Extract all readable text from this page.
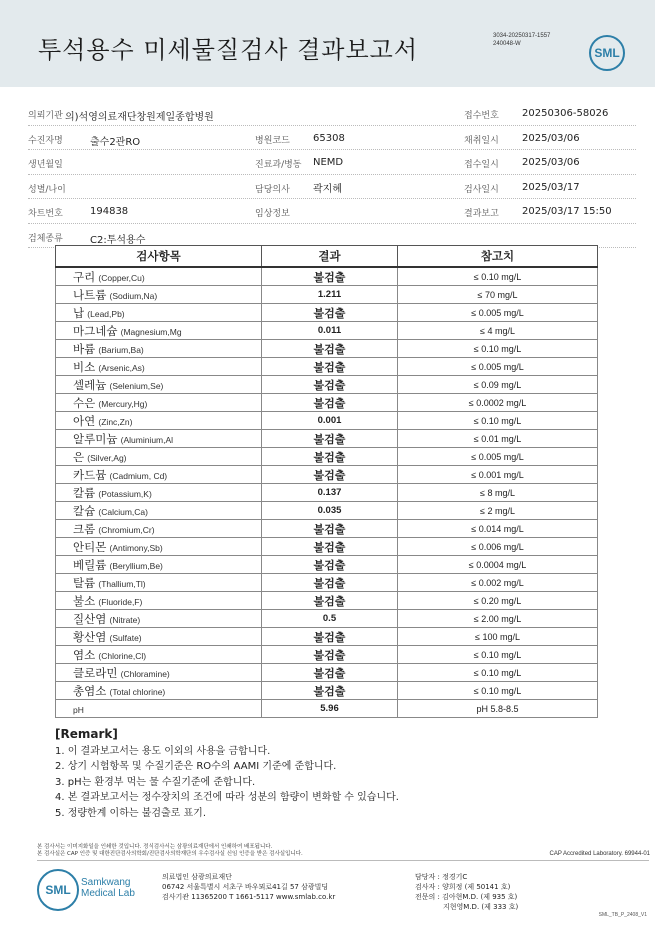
투석용수 미세물질검사 결과보고서	3034-20250317-1557
240048-W
SML
의뢰기관 의)석영의료재단창원제일종합병원	접수번호 20250306-58026
수진자명	출수2관RO	병원코드 65308	채취일시 2025/03/06
생년월일	진료과/병동 NEMD	접수일시 2025/03/06
성별/나이	담당의사 곽지혜	검사일시 2025/03/17
차트번호	194838	임상정보	결과보고 2025/03/17 15:50
검체종류	C2:투석용수
검사항목	결과	참고치
구리 (Copper,Cu)	불검출	≤ 0.10 mg/L
나트륨 (Sodium,Na)	1.211	≤ 70 mg/L
납 (Lead,Pb)	불검출	≤ 0.005 mg/L
마그네슘 (Magnesium,Mg	0.011	≤ 4 mg/L
바륨 (Barium,Ba)	불검출	≤ 0.10 mg/L
비소 (Arsenic,As)	불검출	≤ 0.005 mg/L
셀레늄 (Selenium,Se)	불검출	≤ 0.09 mg/L
수은 (Mercury,Hg)	불검출	≤ 0.0002 mg/L
아연 (Zinc,Zn)	0.001	≤ 0.10 mg/L
알루미늄 (Aluminium,Al	불검출	≤ 0.01 mg/L
은 (Silver,Ag)	불검출	≤ 0.005 mg/L
카드뮴 (Cadmium, Cd)	불검출	≤ 0.001 mg/L
칼륨 (Potassium,K)	0.137	≤ 8 mg/L
칼슘 (Calcium,Ca)	0.035	≤ 2 mg/L
크롬 (Chromium,Cr)	불검출	≤ 0.014 mg/L
안티몬 (Antimony,Sb)	불검출	≤ 0.006 mg/L
베릴륨 (Beryllium,Be)	불검출	≤ 0.0004 mg/L
탈륨 (Thallium,Tl)	불검출	≤ 0.002 mg/L
불소 (Fluoride,F)	불검출	≤ 0.20 mg/L
질산염 (Nitrate)	0.5	≤ 2.00 mg/L
황산염 (Sulfate)	불검출	≤ 100 mg/L
염소 (Chlorine,Cl)	불검출	≤ 0.10 mg/L
클로라민 (Chloramine)	불검출	≤ 0.10 mg/L
총염소 (Total chlorine)	불검출	≤ 0.10 mg/L
pH	5.96	pH 5.8-8.5
[Remark]
1. 이 결과보고서는 용도 이외의 사용을 금합니다.
2. 상기 시험항목 및 수질기준은 RO수의 AAMI 기준에 준합니다.
3. pH는 환경부 먹는 물 수질기준에 준합니다.
4. 본 결과보고서는 정수장치의 조건에 따라 성분의 함량이 변화할 수 있습니다.
5. 정량한계 이하는 불검출로 표기.
본 검사서는 이미지화일을 인쇄한 것입니다. 정식검사서는 삼광의료재단에서 인쇄하여 배포됩니다.
본 검사실은 CAP 인증 및 대한진단검사의학회/진단검사의학재단의 우수검사실 신임 인증을 받은 검사실입니다.	CAP Accredited Laboratory. 69944-01
SML
Samkwang
Medical Lab
의료법인 삼광의료재단
06742 서울특별시 서초구 바우뫼로41길 57 삼광빌딩
검사기관 11365200 T 1661-5117 www.smlab.co.kr
담당자 : 정경기C
검사자 : 양희정 (제 50141 호)
전문의 : 김아현M.D. (제 935 호)
지현영M.D. (제 333 호)
SML_TB_P_2408_V1
